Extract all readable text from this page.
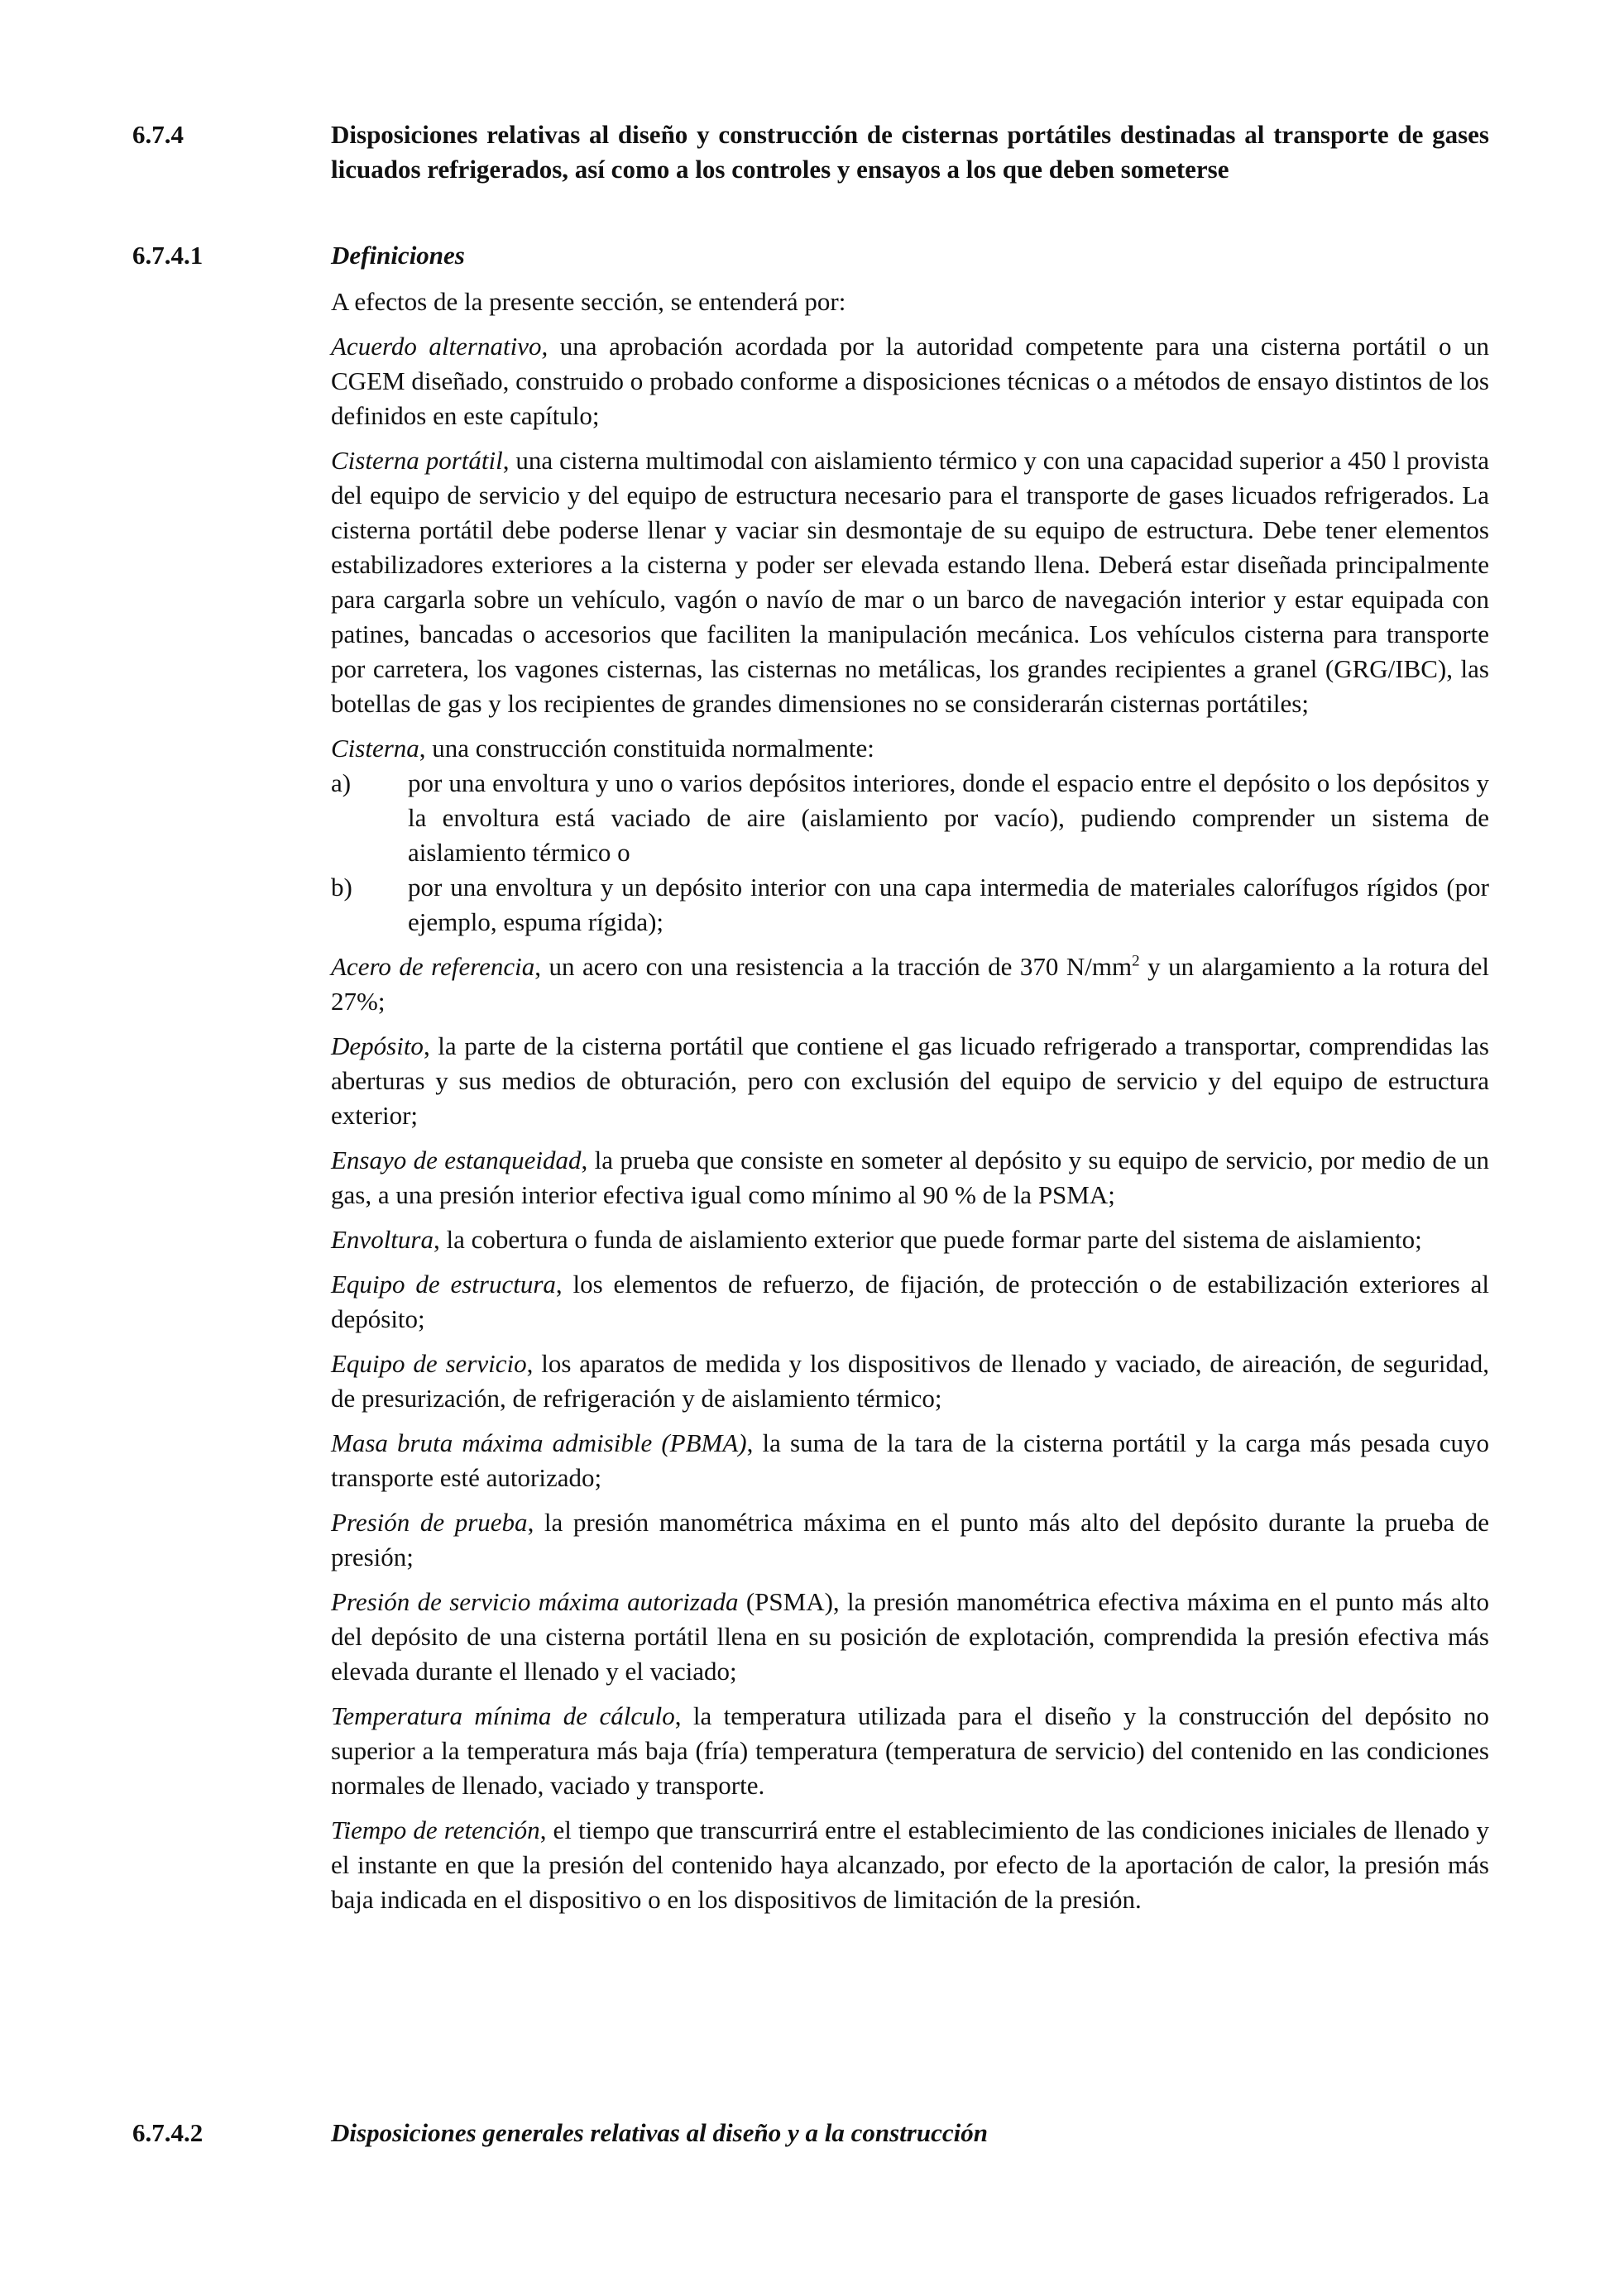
6.7.4	Disposiciones relativas al diseño y construcción de cisternas portátiles destinadas al transporte de gases licuados refrigerados, así como a los controles y ensayos a los que deben someterse
6.7.4.1	Definiciones

A efectos de la presente sección, se entenderá por:

Acuerdo alternativo, una aprobación acordada por la autoridad competente para una cisterna portátil o un CGEM diseñado, construido o probado conforme a disposiciones técnicas o a métodos de ensayo distintos de los definidos en este capítulo;

Cisterna portátil, una cisterna multimodal con aislamiento térmico y con una capacidad superior a 450 l provista del equipo de servicio y del equipo de estructura necesario para el transporte de gases licuados refrigerados. La cisterna portátil debe poderse llenar y vaciar sin desmontaje de su equipo de estructura. Debe tener elementos estabilizadores exteriores a la cisterna y poder ser elevada estando llena. Deberá estar diseñada principalmente para cargarla sobre un vehículo, vagón o navío de mar o un barco de navegación interior y estar equipada con patines, bancadas o accesorios que faciliten la manipulación mecánica. Los vehículos cisterna para transporte por carretera, los vagones cisternas, las cisternas no metálicas, los grandes recipientes a granel (GRG/IBC), las botellas de gas y los recipientes de grandes dimensiones no se considerarán cisternas portátiles;

Cisterna, una construcción constituida normalmente:

a) por una envoltura y uno o varios depósitos interiores, donde el espacio entre el depósito o los depósitos y la envoltura está vaciado de aire (aislamiento por vacío), pudiendo comprender un sistema de aislamiento térmico o

b) por una envoltura y un depósito interior con una capa intermedia de materiales calorífugos rígidos (por ejemplo, espuma rígida);

Acero de referencia, un acero con una resistencia a la tracción de 370 $N/mm^2$ y un alargamiento a la rotura del 27%;

Depósito, la parte de la cisterna portátil que contiene el gas licuado refrigerado a transportar, comprendidas las aberturas y sus medios de obturación, pero con exclusión del equipo de servicio y del equipo de estructura exterior;

Ensayo de estanqueidad, la prueba que consiste en someter al depósito y su equipo de servicio, por medio de un gas, a una presión interior efectiva igual como mínimo al 90 % de la PSMA;

Envoltura, la cobertura o funda de aislamiento exterior que puede formar parte del sistema de aislamiento;

Equipo de estructura, los elementos de refuerzo, de fijación, de protección o de estabilización exteriores al depósito;

Equipo de servicio, los aparatos de medida y los dispositivos de llenado y vaciado, de aireación, de seguridad, de presurización, de refrigeración y de aislamiento térmico;

Masa bruta máxima admisible (PBMA), la suma de la tara de la cisterna portátil y la carga más pesada cuyo transporte esté autorizado;

Presión de prueba, la presión manométrica máxima en el punto más alto del depósito durante la prueba de presión;

Presión de servicio máxima autorizada (PSMA), la presión manométrica efectiva máxima en el punto más alto del depósito de una cisterna portátil llena en su posición de explotación, comprendida la presión efectiva más elevada durante el llenado y el vaciado;

Temperatura mínima de cálculo, la temperatura utilizada para el diseño y la construcción del depósito no superior a la temperatura más baja (fría) temperatura (temperatura de servicio) del contenido en las condiciones normales de llenado, vaciado y transporte.

Tiempo de retención, el tiempo que transcurrirá entre el establecimiento de las condiciones iniciales de llenado y el instante en que la presión del contenido haya alcanzado, por efecto de la aportación de calor, la presión más baja indicada en el dispositivo o en los dispositivos de limitación de la presión.

6.7.4.2	Disposiciones generales relativas al diseño y a la construcción
